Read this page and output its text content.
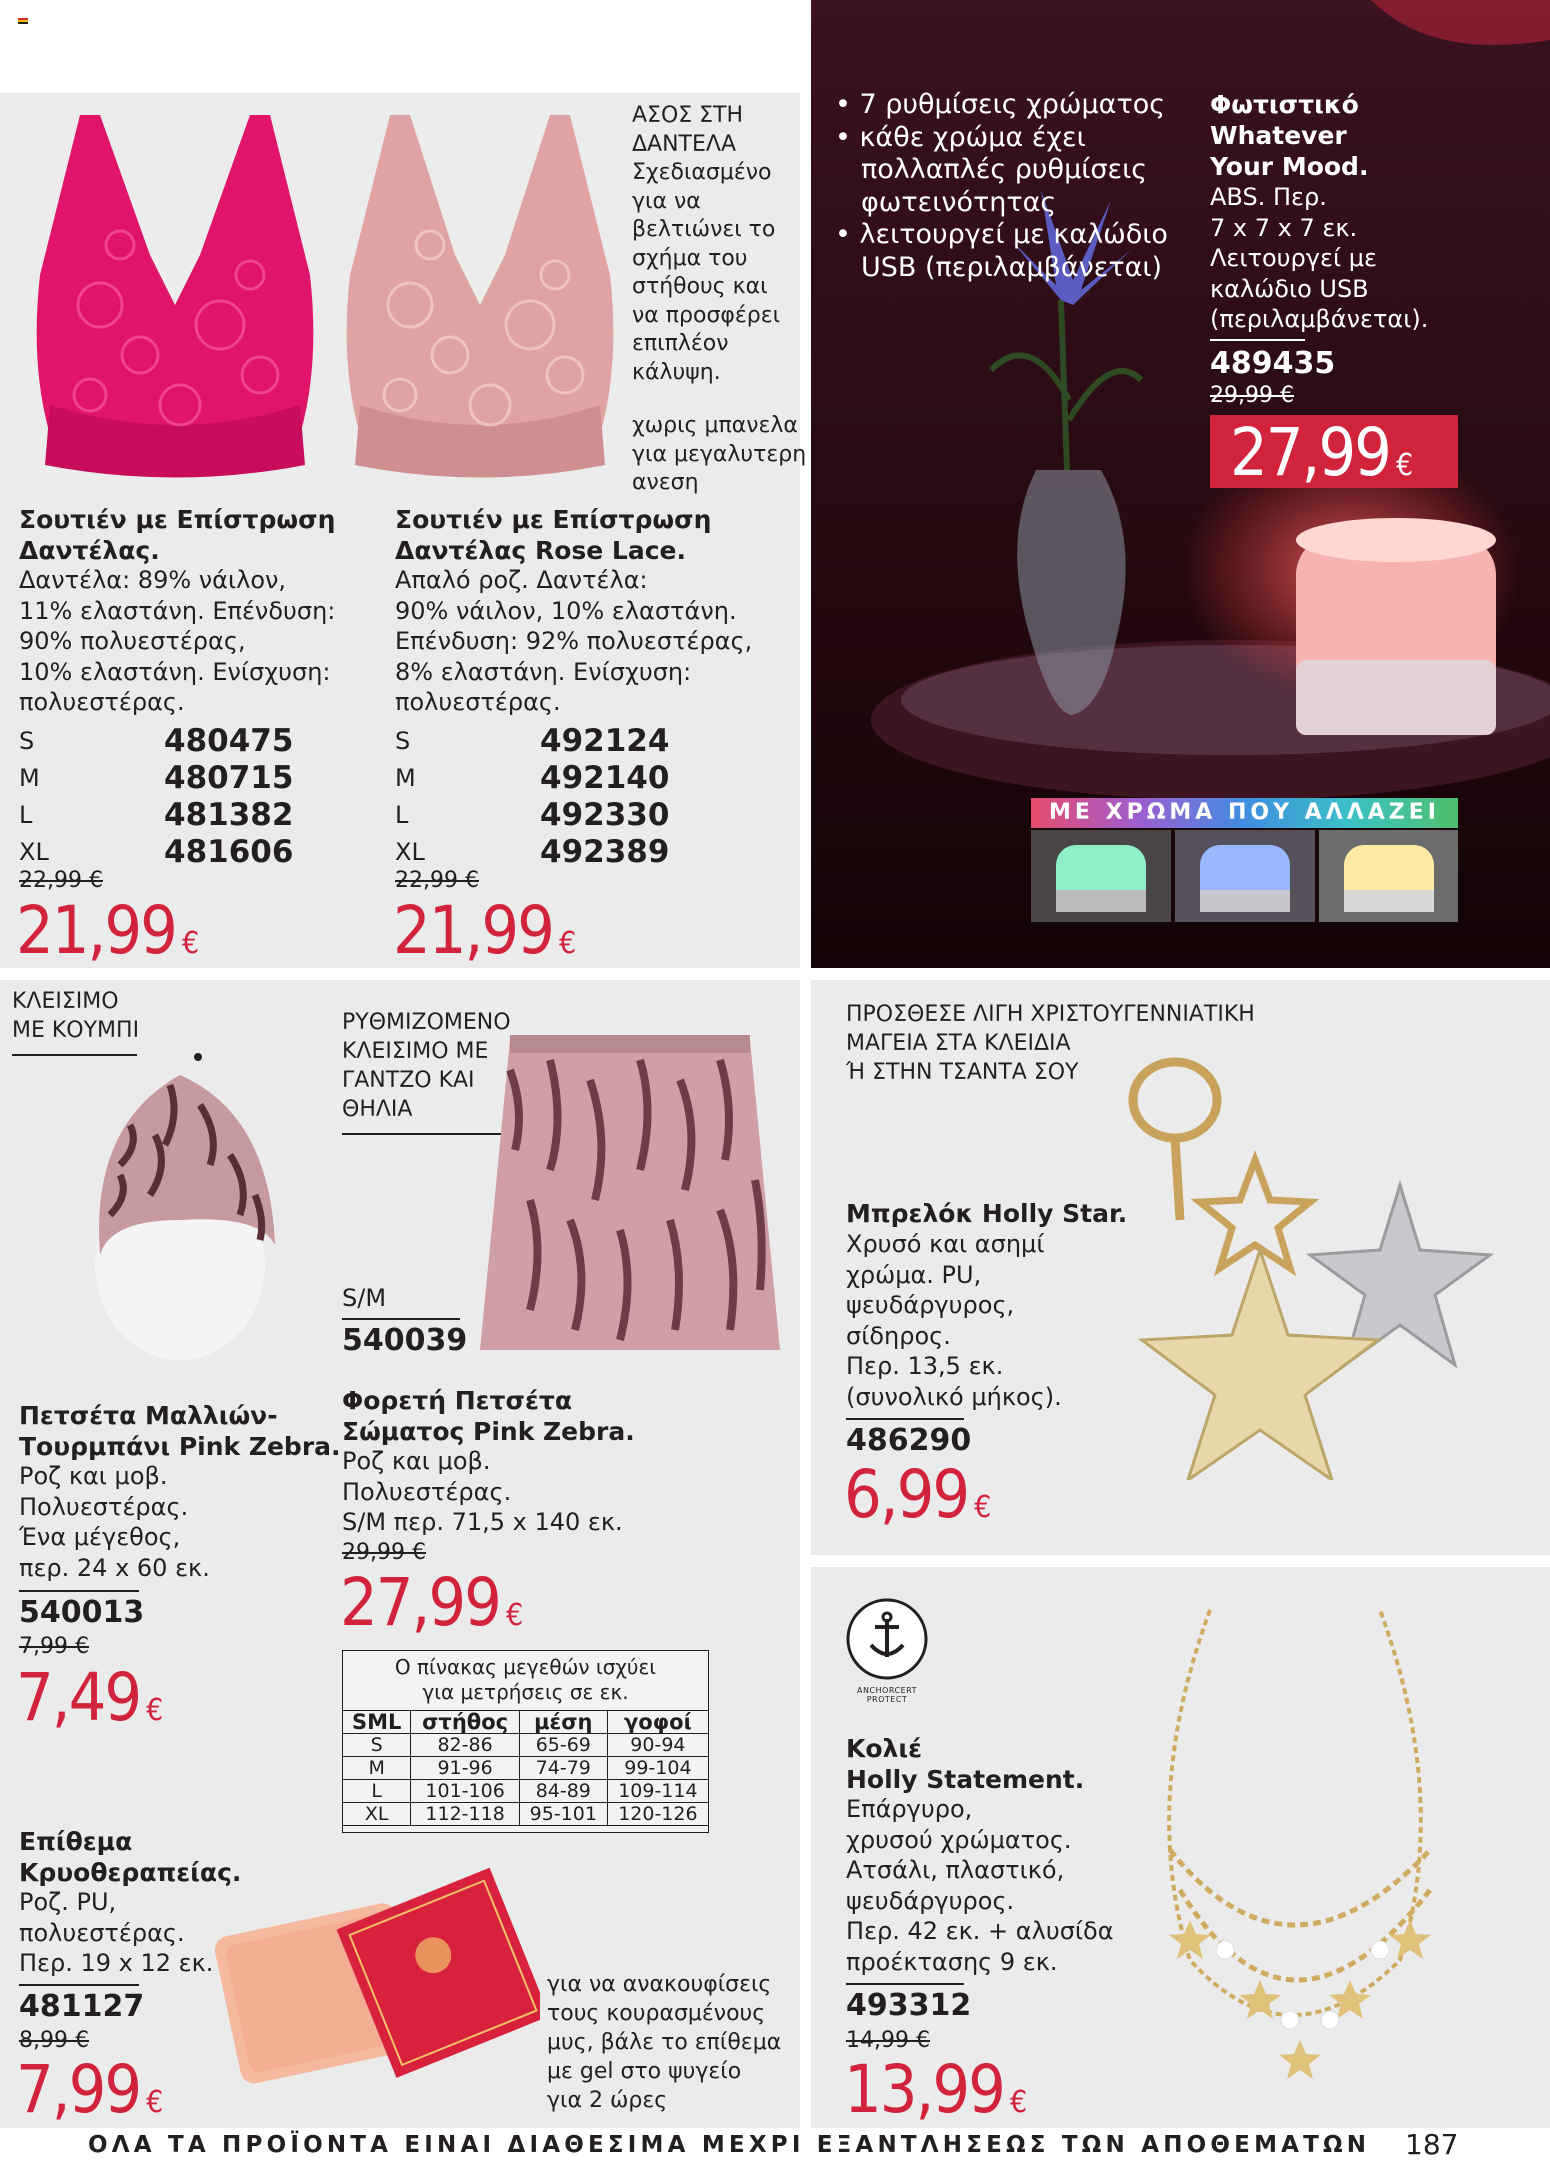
ΑΣΟΣ ΣΤΗ
ΔΑΝΤΕΛΑ
Σχεδιασμένο
για να
βελτιώνει το
σχήμα του
στήθους και
να προσφέρει
επιπλέον
κάλυψη.
χωρις μπανελα
για μεγαλυτερη
ανεση
Σουτιέν με Επίστρωση
Δαντέλας.
Δαντέλα: 89% νάιλον,
11% ελαστάνη. Επένδυση:
90% πολυεστέρας,
10% ελαστάνη. Ενίσχυση:
πολυεστέρας.
S	480475
M	480715
L	481382
XL	481606
22,99 €
21,99 €
Σουτιέν με Επίστρωση
Δαντέλας Rose Lace.
Απαλό ροζ. Δαντέλα:
90% νάιλον, 10% ελαστάνη.
Επένδυση: 92% πολυεστέρας,
8% ελαστάνη. Ενίσχυση:
πολυεστέρας.
S	492124
M	492140
L	492330
XL	492389
22,99 €
21,99 €
• 7 ρυθμίσεις χρώματος
• κάθε χρώμα έχει
πολλαπλές ρυθμίσεις
φωτεινότητας
• λειτουργεί με καλώδιο
USB (περιλαμβάνεται)
Φωτιστικό
Whatever
Your Mood.
ABS. Περ.
7 x 7 x 7 εκ.
Λειτουργεί με
καλώδιο USB
(περιλαμβάνεται).
489435
29,99 €
27,99 €
ΜΕ ΧΡΩΜΑ ΠΟΥ ΑΛΛΑΖΕΙ
ΚΛΕΙΣΙΜΟ
ΜΕ ΚΟΥΜΠΙ	ΡΥΘΜΙΖΟΜΕΝΟ
ΚΛΕΙΣΙΜΟ ΜΕ
ΓΑΝΤΖΟ ΚΑΙ
ΘΗΛΙΑ
S/M
540039
Πετσέτα Μαλλιών-
Τουρμπάνι Pink Zebra.
Ροζ και μοβ.
Πολυεστέρας.
Ένα μέγεθος,
περ. 24 x 60 εκ.
540013
7,99 €
7,49 €
Φορετή Πετσέτα
Σώματος Pink Zebra.
Ροζ και μοβ.
Πολυεστέρας.
S/M περ. 71,5 x 140 εκ.
29,99 €
27,99 €
Ο πίνακας μεγεθών ισχύει
για μετρήσεις σε εκ.
SML	στήθος	μέση	γοφοί
S	82-86	65-69	90-94
M	91-96	74-79	99-104
L	101-106	84-89	109-114
XL	112-118	95-101	120-126
Επίθεμα
Κρυοθεραπείας.
Ροζ. PU,
πολυεστέρας.
Περ. 19 x 12 εκ.
481127
8,99 €
7,99 €
για να ανακουφίσεις
τους κουρασμένους
μυς, βάλε το επίθεμα
με gel στο ψυγείο
για 2 ώρες
ΠΡΟΣΘΕΣΕ ΛΙΓΗ ΧΡΙΣΤΟΥΓΕΝΝΙΑΤΙΚΗ
ΜΑΓΕΙΑ ΣΤΑ ΚΛΕΙΔΙΑ
Ή ΣΤΗΝ ΤΣΑΝΤΑ ΣΟΥ
Μπρελόκ Holly Star.
Χρυσό και ασημί
χρώμα. PU,
ψευδάργυρος,
σίδηρος.
Περ. 13,5 εκ.
(συνολικό μήκος).
486290
6,99 €
ANCHORCERT PROTECT
Κολιέ
Holly Statement.
Επάργυρο,
χρυσού χρώματος.
Ατσάλι, πλαστικό,
ψευδάργυρος.
Περ. 42 εκ. + αλυσίδα
προέκτασης 9 εκ.
493312
14,99 €
13,99 €
ΟΛΑ ΤΑ ΠΡΟΪΟΝΤΑ ΕΙΝΑΙ ΔΙΑΘΕΣΙΜΑ ΜΕΧΡΙ ΕΞΑΝΤΛΗΣΕΩΣ ΤΩΝ ΑΠΟΘΕΜΑΤΩΝ 187
